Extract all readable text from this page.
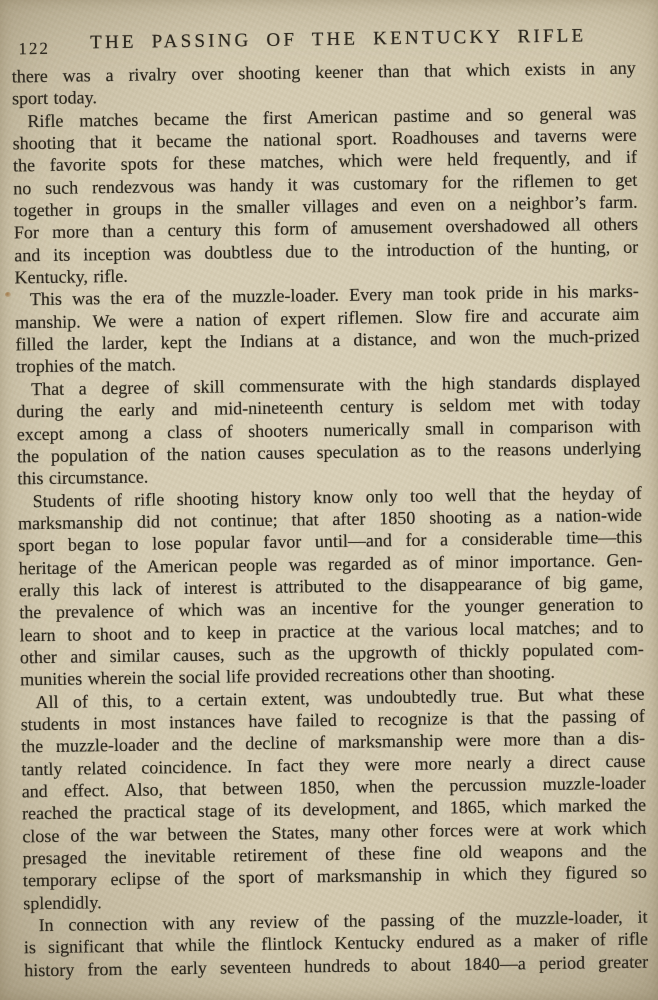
122	THE PASSING OF THE KENTUCKY RIFLE

there was a rivalry over shooting keener than that which exists in any
sport today.

Rifle matches became the first American pastime and so general was
shooting that it became the national sport. Roadhouses and taverns were
the favorite spots for these matches, which were held frequently, and if
no such rendezvous was handy it was customary for the riflemen to get
together in groups in the smaller villages and even on a neighbor’s farm.
For more than a century this form of amusement overshadowed all others
and its inception was doubtless due to the introduction of the hunting, or
Kentucky, rifle.

This was the era of the muzzle-loader. Every man took pride in his marks-
manship. We were a nation of expert riflemen. Slow fire and accurate aim
filled the larder, kept the Indians at a distance, and won the much-prized
trophies of the match.

That a degree of skill commensurate with the high standards displayed
during the early and mid-nineteenth century is seldom met with today
except among a class of shooters numerically small in comparison with
the population of the nation causes speculation as to the reasons underlying
this circumstance.

Students of rifle shooting history know only too well that the heyday of
marksmanship did not continue; that after 1850 shooting as a nation-wide
sport began to lose popular favor until—and for a considerable time—this
heritage of the American people was regarded as of minor importance. Gen-
erally this lack of interest is attributed to the disappearance of big game,
the prevalence of which was an incentive for the younger generation to
learn to shoot and to keep in practice at the various local matches; and to
other and similar causes, such as the upgrowth of thickly populated com-
munities wherein the social life provided recreations other than shooting.

All of this, to a certain extent, was undoubtedly true. But what these
students in most instances have failed to recognize is that the passing of
the muzzle-loader and the decline of marksmanship were more than a dis-
tantly related coincidence. In fact they were more nearly a direct cause
and effect. Also, that between 1850, when the percussion muzzle-loader
reached the practical stage of its development, and 1865, which marked the
close of the war between the States, many other forces were at work which
presaged the inevitable retirement of these fine old weapons and the
temporary eclipse of the sport of marksmanship in which they figured so
splendidly.

In connection with any review of the passing of the muzzle-loader, it
is significant that while the flintlock Kentucky endured as a maker of rifle
history from the early seventeen hundreds to about 1840—a period greater
